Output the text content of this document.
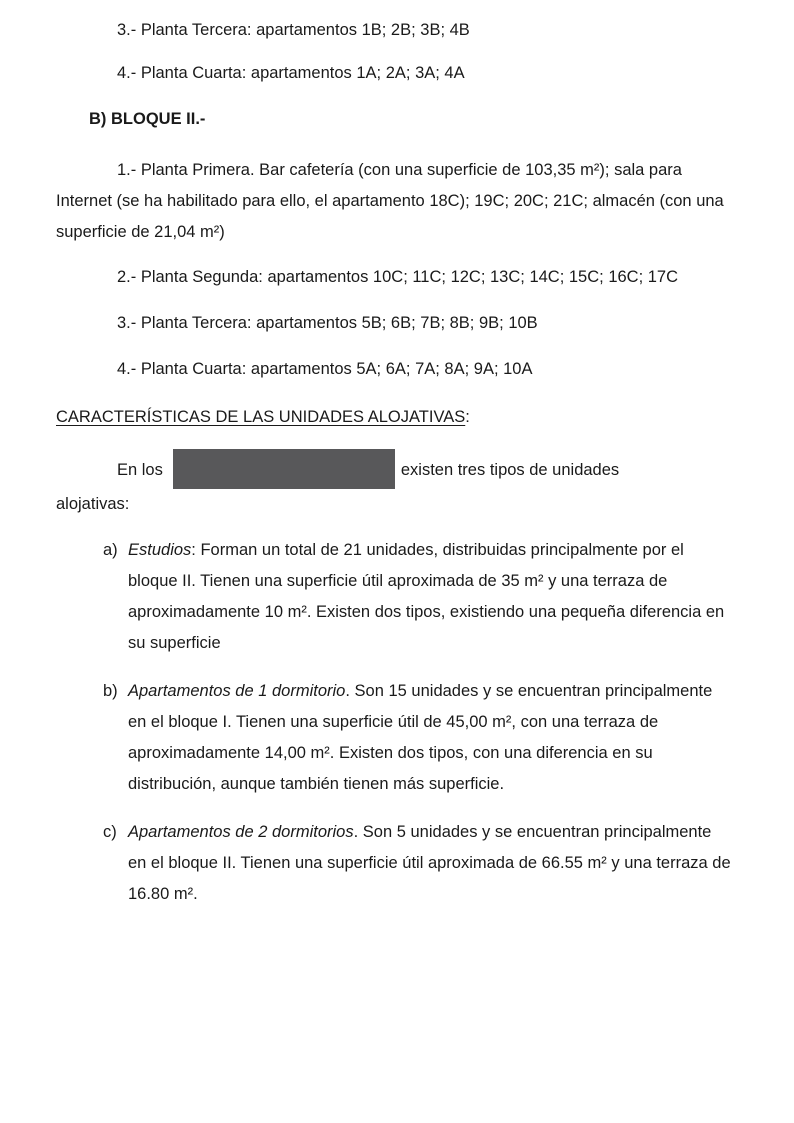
3.- Planta Tercera: apartamentos 1B; 2B; 3B; 4B

4.- Planta Cuarta: apartamentos 1A; 2A; 3A; 4A

B) BLOQUE II.-

1.- Planta Primera. Bar cafetería (con una superficie de 103,35 m²); sala para Internet (se ha habilitado para ello, el apartamento 18C); 19C; 20C; 21C; almacén (con una superficie de 21,04 m²)

2.- Planta Segunda: apartamentos 10C; 11C; 12C; 13C; 14C; 15C; 16C; 17C

3.- Planta Tercera: apartamentos 5B; 6B; 7B; 8B; 9B; 10B

4.- Planta Cuarta: apartamentos 5A; 6A; 7A; 8A; 9A; 10A

CARACTERÍSTICAS DE LAS UNIDADES ALOJATIVAS:

En los	existen tres tipos de unidades
alojativas:

a) Estudios: Forman un total de 21 unidades, distribuidas principalmente por el bloque II. Tienen una superficie útil aproximada de 35 m² y una terraza de aproximadamente 10 m². Existen dos tipos, existiendo una pequeña diferencia en su superficie
b) Apartamentos de 1 dormitorio. Son 15 unidades y se encuentran principalmente en el bloque I. Tienen una superficie útil de 45,00 m², con una terraza de aproximadamente 14,00 m². Existen dos tipos, con una diferencia en su distribución, aunque también tienen más superficie.
c) Apartamentos de 2 dormitorios. Son 5 unidades y se encuentran principalmente en el bloque II. Tienen una superficie útil aproximada de 66.55 m² y una terraza de 16.80 m².
